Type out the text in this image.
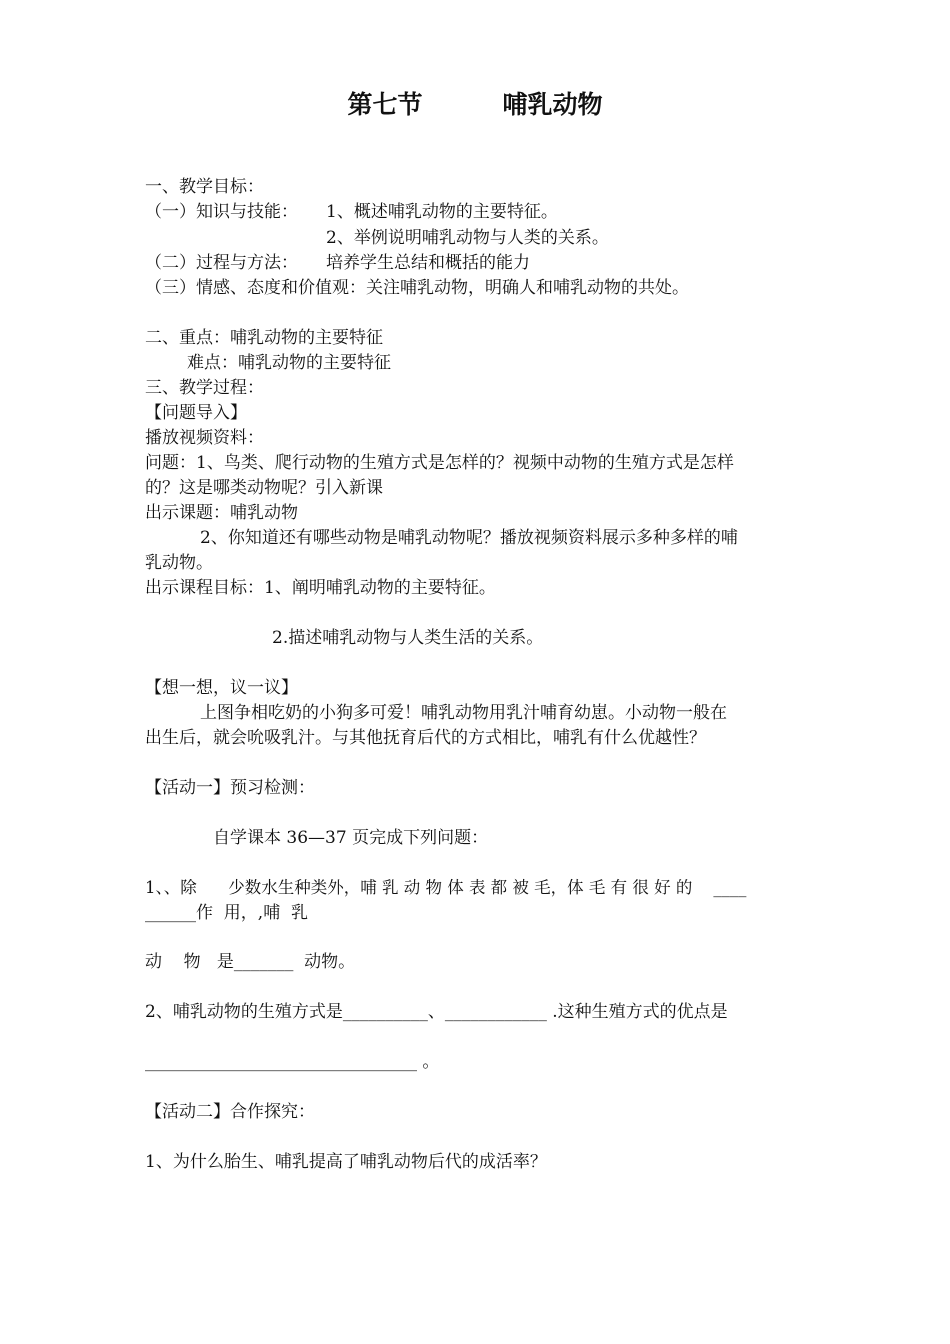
第七节	哺乳动物
一、教学目标：
（一）知识与技能： 1、概述哺乳动物的主要特征。
2、举例说明哺乳动物与人类的关系。
（二）过程与方法： 培养学生总结和概括的能力
（三）情感、态度和价值观：关注哺乳动物，明确人和哺乳动物的共处。
二、重点：哺乳动物的主要特征
难点：哺乳动物的主要特征
三、教学过程：
【问题导入】
播放视频资料：
问题：1、鸟类、爬行动物的生殖方式是怎样的？视频中动物的生殖方式是怎样
的？这是哪类动物呢？引入新课
出示课题：哺乳动物
2、你知道还有哪些动物是哺乳动物呢？播放视频资料展示多种多样的哺
乳动物。
出示课程目标：1、阐明哺乳动物的主要特征。
2.描述哺乳动物与人类生活的关系。
【想一想，议一议】
上图争相吃奶的小狗多可爱！哺乳动物用乳汁哺育幼崽。小动物一般在
出生后，就会吮吸乳汁。与其他抚育后代的方式相比，哺乳有什么优越性？
【活动一】预习检测：
自学课本 36—37 页完成下列问题：
1、、除      少数水生种类外，哺 乳 动 物 体 表 都 被 毛，体 毛 有 很 好 的    ____
______作  用，,哺  乳
动    物   是_______  动物。
2、哺乳动物的生殖方式是__________、____________ .这种生殖方式的优点是
________________________________ 。
【活动二】合作探究：
1、为什么胎生、哺乳提高了哺乳动物后代的成活率？
